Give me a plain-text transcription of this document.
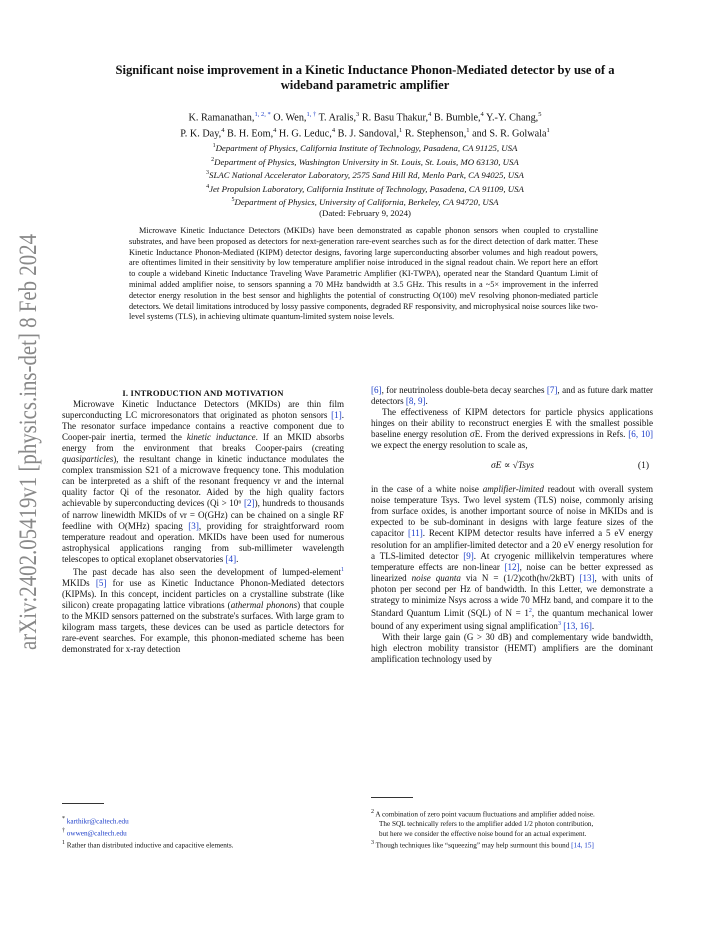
arXiv:2402.05419v1 [physics.ins-det] 8 Feb 2024
Significant noise improvement in a Kinetic Inductance Phonon-Mediated detector by use of a
wideband parametric amplifier
K. Ramanathan,$^{1, 2, *}$ O. Wen,$^{1, \dagger}$ T. Aralis,$^3$ R. Basu Thakur,$^4$ B. Bumble,$^4$ Y.-Y. Chang,$^5$
P. K. Day,$^4$ B. H. Eom,$^4$ H. G. Leduc,$^4$ B. J. Sandoval,$^1$ R. Stephenson,$^1$ and S. R. Golwala$^1$
$^1$Department of Physics, California Institute of Technology, Pasadena, CA 91125, USA
$^2$Department of Physics, Washington University in St. Louis, St. Louis, MO 63130, USA
$^3$SLAC National Accelerator Laboratory, 2575 Sand Hill Rd, Menlo Park, CA 94025, USA
$^4$Jet Propulsion Laboratory, California Institute of Technology, Pasadena, CA 91109, USA
$^5$Department of Physics, University of California, Berkeley, CA 94720, USA
(Dated: February 9, 2024)
Microwave Kinetic Inductance Detectors (MKIDs) have been demonstrated as capable phonon sensors when coupled to crystalline substrates, and have been proposed as detectors for next-generation rare-event searches such as for the direct detection of dark matter. These Kinetic Inductance Phonon-Mediated (KIPM) detector designs, favoring large superconducting absorber volumes and high readout powers, are oftentimes limited in their sensitivity by low temperature amplifier noise introduced in the signal readout chain. We report here an effort to couple a wideband Kinetic Inductance Traveling Wave Parametric Amplifier (KI-TWPA), operated near the Standard Quantum Limit of minimal added amplifier noise, to sensors spanning a 70 MHz bandwidth at 3.5 GHz. This results in a ~5× improvement in the inferred detector energy resolution in the best sensor and highlights the potential of constructing O(100) meV resolving phonon-mediated particle detectors. We detail limitations introduced by lossy passive components, degraded RF responsivity, and microphysical noise sources like two-level systems (TLS), in achieving ultimate quantum-limited system noise levels.

I. INTRODUCTION AND MOTIVATION

Microwave Kinetic Inductance Detectors (MKIDs) are thin film superconducting LC microresonators that originated as photon sensors [1]. The resonator surface impedance contains a reactive component due to Cooper-pair inertia, termed the kinetic inductance. If an MKID absorbs energy from the environment that breaks Cooper-pairs (creating quasiparticles), the resultant change in kinetic inductance modulates the complex transmission S21 of a microwave frequency tone. This modulation can be interpreted as a shift of the resonant frequency νr and the internal quality factor Qi of the resonator. Aided by the high quality factors achievable by superconducting devices (Qi > 10⁶ [2]), hundreds to thousands of narrow linewidth MKIDs of νr = O(GHz) can be chained on a single RF feedline with O(MHz) spacing [3], providing for straightforward room temperature readout and operation. MKIDs have been used for numerous astrophysical applications ranging from sub-millimeter wavelength telescopes to optical exoplanet observatories [4].

The past decade has also seen the development of lumped-element$^1$ MKIDs [5] for use as Kinetic Inductance Phonon-Mediated detectors (KIPMs). In this concept, incident particles on a crystalline substrate (like silicon) create propagating lattice vibrations (athermal phonons) that couple to the MKID sensors patterned on the substrate's surfaces. With large gram to kilogram mass targets, these devices can be used as particle detectors for rare-event searches. For example, this phonon-mediated scheme has been demonstrated for x-ray detection

[6], for neutrinoless double-beta decay searches [7], and as future dark matter detectors [8, 9].

The effectiveness of KIPM detectors for particle physics applications hinges on their ability to reconstruct energies E with the smallest possible baseline energy resolution σE. From the derived expressions in Refs. [6, 10] we expect the energy resolution to scale as,

σE ∝ √Tsys	(1)

in the case of a white noise amplifier-limited readout with overall system noise temperature Tsys. Two level system (TLS) noise, commonly arising from surface oxides, is another important source of noise in MKIDs and is expected to be sub-dominant in designs with large feature sizes of the capacitor [11]. Recent KIPM detector results have inferred a 5 eV energy resolution for an amplifier-limited detector and a 20 eV energy resolution for a TLS-limited detector [9]. At cryogenic millikelvin temperatures where temperature effects are non-linear [12], noise can be better expressed as linearized noise quanta via N = (1/2)coth(hν/2kBT) [13], with units of photon per second per Hz of bandwidth. In this Letter, we demonstrate a strategy to minimize Nsys across a wide 70 MHz band, and compare it to the Standard Quantum Limit (SQL) of $N = 1^2$, the quantum mechanical lower bound of any experiment using signal amplification$^3$ [13, 16].

With their large gain (G > 30 dB) and complementary wide bandwidth, high electron mobility transistor (HEMT) amplifiers are the dominant amplification technology used by

* karthikr@caltech.edu
† owwen@caltech.edu
$^1$ Rather than distributed inductive and capacitive elements.
$^2$ A combination of zero point vacuum fluctuations and amplifier added noise.
The SQL technically refers to the amplifier added 1/2 photon contribution,
but here we consider the effective noise bound for an actual experiment.
$^3$ Though techniques like “squeezing” may help surmount this bound [14, 15]
